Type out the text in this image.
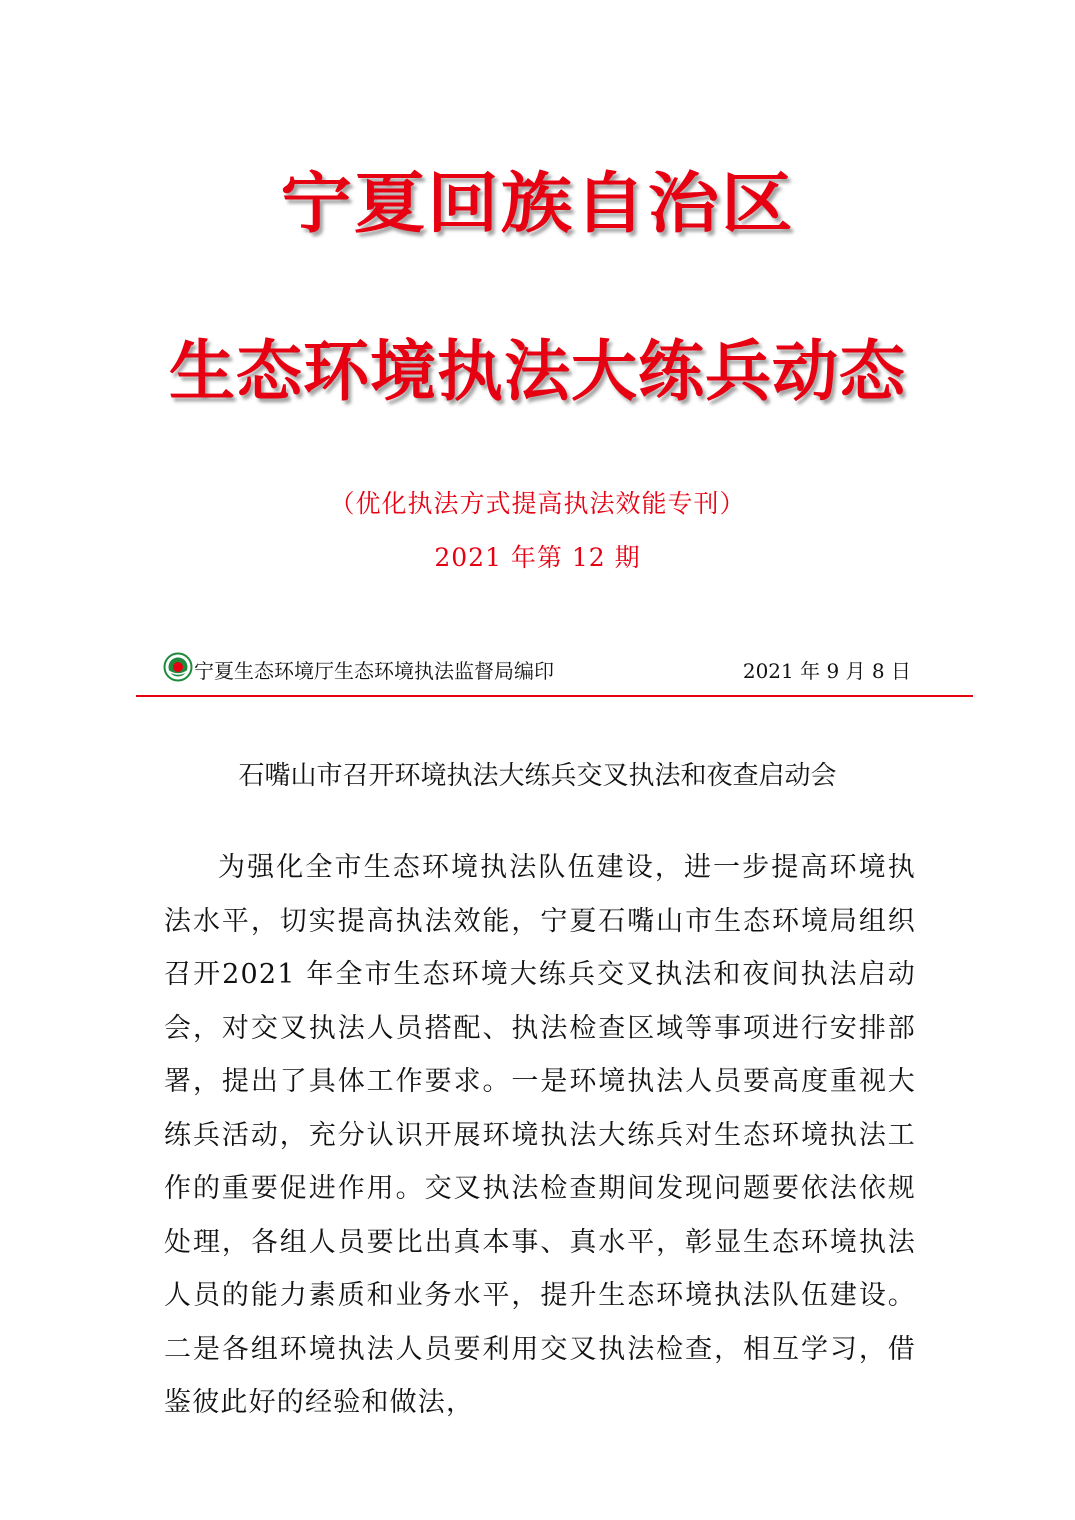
宁夏回族自治区
生态环境执法大练兵动态
（优化执法方式提高执法效能专刊）
2021 年第 12 期
宁夏生态环境厅生态环境执法监督局编印	2021 年 9 月 8 日
石嘴山市召开环境执法大练兵交叉执法和夜查启动会

为强化全市生态环境执法队伍建设，进一步提高环境执法水平，切实提高执法效能，宁夏石嘴山市生态环境局组织召开2021 年全市生态环境大练兵交叉执法和夜间执法启动会，对交叉执法人员搭配、执法检查区域等事项进行安排部署，提出了具体工作要求。一是环境执法人员要高度重视大练兵活动，充分认识开展环境执法大练兵对生态环境执法工作的重要促进作用。交叉执法检查期间发现问题要依法依规处理，各组人员要比出真本事、真水平，彰显生态环境执法人员的能力素质和业务水平，提升生态环境执法队伍建设。二是各组环境执法人员要利用交叉执法检查，相互学习，借鉴彼此好的经验和做法，
